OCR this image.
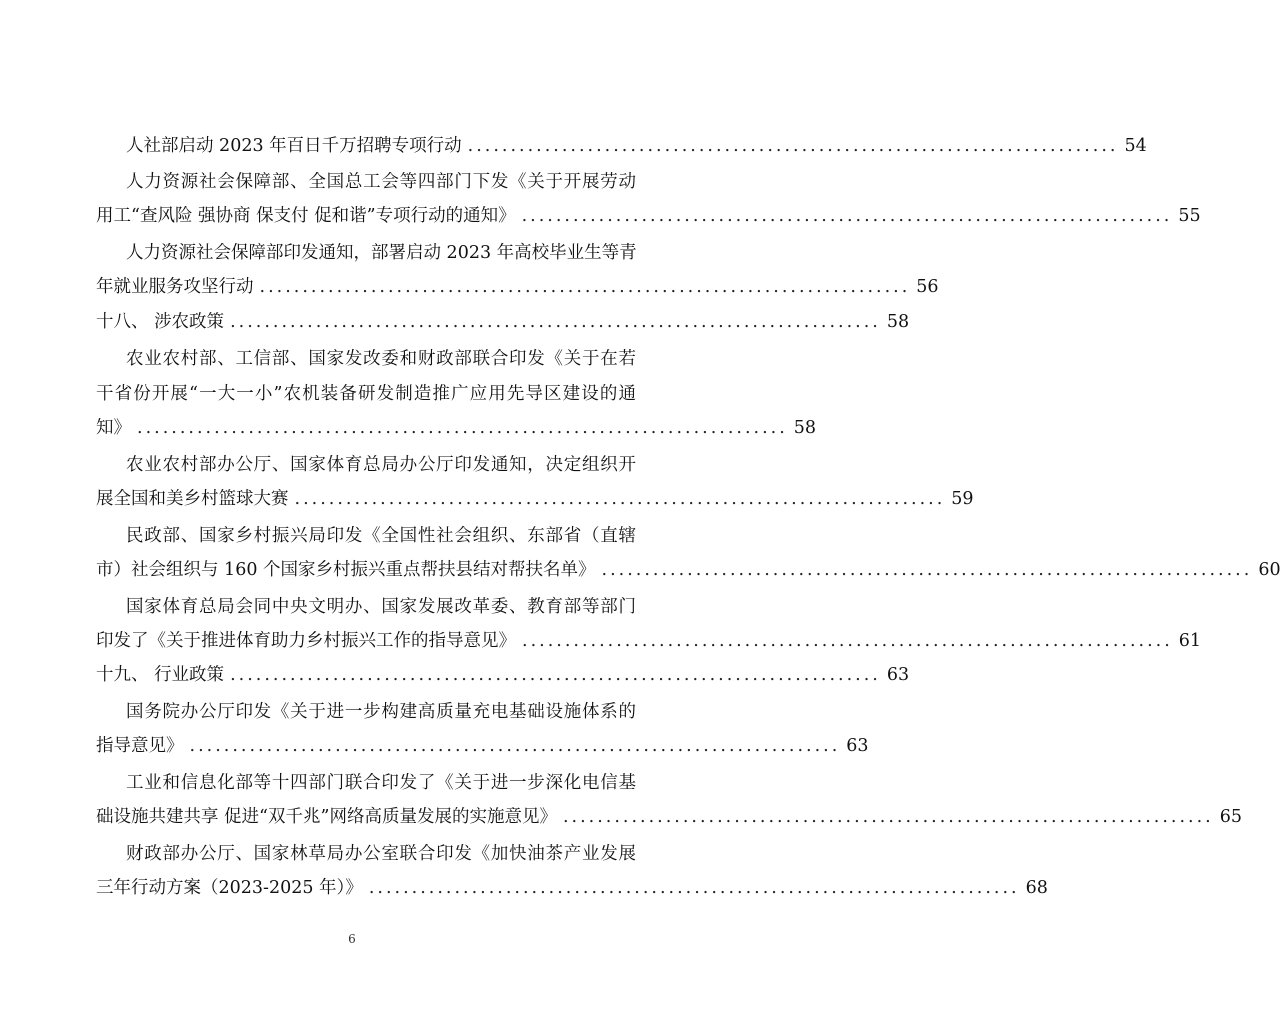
人社部启动 2023 年百日千万招聘专项行动 ............................................................................ 54
人力资源社会保障部、全国总工会等四部门下发《关于开展劳动
用工“查风险 强协商 保支付 促和谐”专项行动的通知》 ............................................................................ 55
人力资源社会保障部印发通知，部署启动 2023 年高校毕业生等青
年就业服务攻坚行动 ............................................................................ 56
十八、 涉农政策 ............................................................................ 58
农业农村部、工信部、国家发改委和财政部联合印发《关于在若
干省份开展“一大一小”农机装备研发制造推广应用先导区建设的通
知》 ............................................................................ 58
农业农村部办公厅、国家体育总局办公厅印发通知，决定组织开
展全国和美乡村篮球大赛 ............................................................................ 59
民政部、国家乡村振兴局印发《全国性社会组织、东部省（直辖
市）社会组织与 160 个国家乡村振兴重点帮扶县结对帮扶名单》 ............................................................................ 60
国家体育总局会同中央文明办、国家发展改革委、教育部等部门
印发了《关于推进体育助力乡村振兴工作的指导意见》 ............................................................................ 61
十九、 行业政策 ............................................................................ 63
国务院办公厅印发《关于进一步构建高质量充电基础设施体系的
指导意见》 ............................................................................ 63
工业和信息化部等十四部门联合印发了《关于进一步深化电信基
础设施共建共享 促进“双千兆”网络高质量发展的实施意见》 ............................................................................ 65
财政部办公厅、国家林草局办公室联合印发《加快油茶产业发展
三年行动方案（2023-2025 年）》 ............................................................................ 68
6
